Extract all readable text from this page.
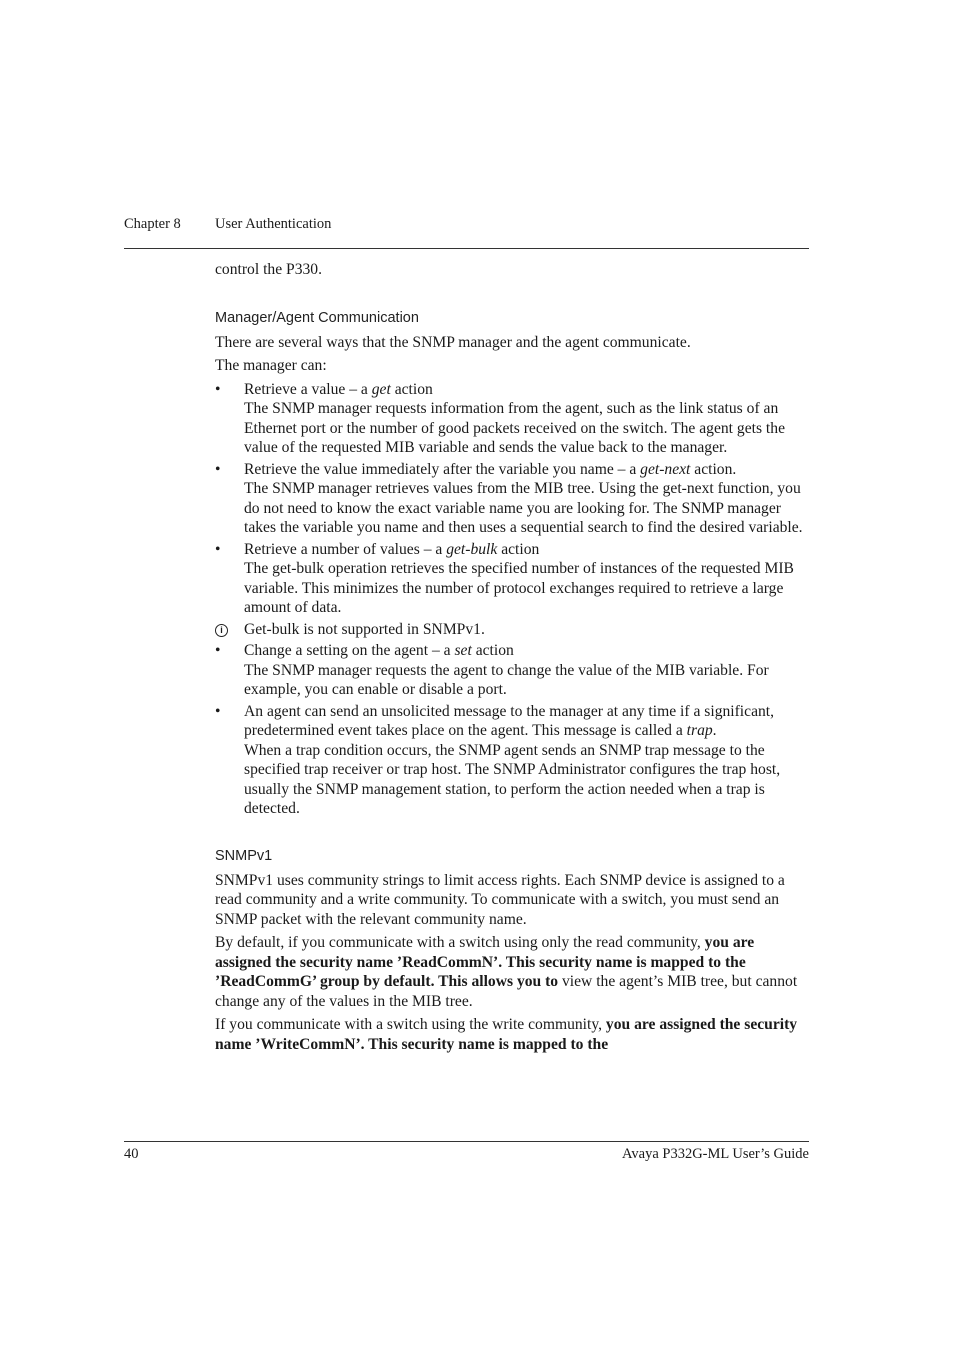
Chapter 8 User Authentication

control the P330.

Manager/Agent Communication

There are several ways that the SNMP manager and the agent communicate.

The manager can:

•	Retrieve a value – a get action
The SNMP manager requests information from the agent, such as the link status of an Ethernet port or the number of good packets received on the switch. The agent gets the value of the requested MIB variable and sends the value back to the manager.
•	Retrieve the value immediately after the variable you name – a get-next action.
The SNMP manager retrieves values from the MIB tree. Using the get-next function, you do not need to know the exact variable name you are looking for. The SNMP manager takes the variable you name and then uses a sequential search to find the desired variable.
•	Retrieve a number of values – a get-bulk action
The get-bulk operation retrieves the specified number of instances of the requested MIB variable. This minimizes the number of protocol exchanges required to retrieve a large amount of data.
i	Get-bulk is not supported in SNMPv1.
•	Change a setting on the agent – a set action
The SNMP manager requests the agent to change the value of the MIB variable. For example, you can enable or disable a port.
•	An agent can send an unsolicited message to the manager at any time if a significant, predetermined event takes place on the agent. This message is called a trap.
When a trap condition occurs, the SNMP agent sends an SNMP trap message to the specified trap receiver or trap host. The SNMP Administrator configures the trap host, usually the SNMP management station, to perform the action needed when a trap is detected.

SNMPv1

SNMPv1 uses community strings to limit access rights. Each SNMP device is assigned to a read community and a write community. To communicate with a switch, you must send an SNMP packet with the relevant community name.

By default, if you communicate with a switch using only the read community, you are assigned the security name ’ReadCommN’. This security name is mapped to the ’ReadCommG’ group by default. This allows you to view the agent’s MIB tree, but cannot change any of the values in the MIB tree.

If you communicate with a switch using the write community, you are assigned the security name ’WriteCommN’. This security name is mapped to the

40	Avaya P332G-ML User’s Guide
